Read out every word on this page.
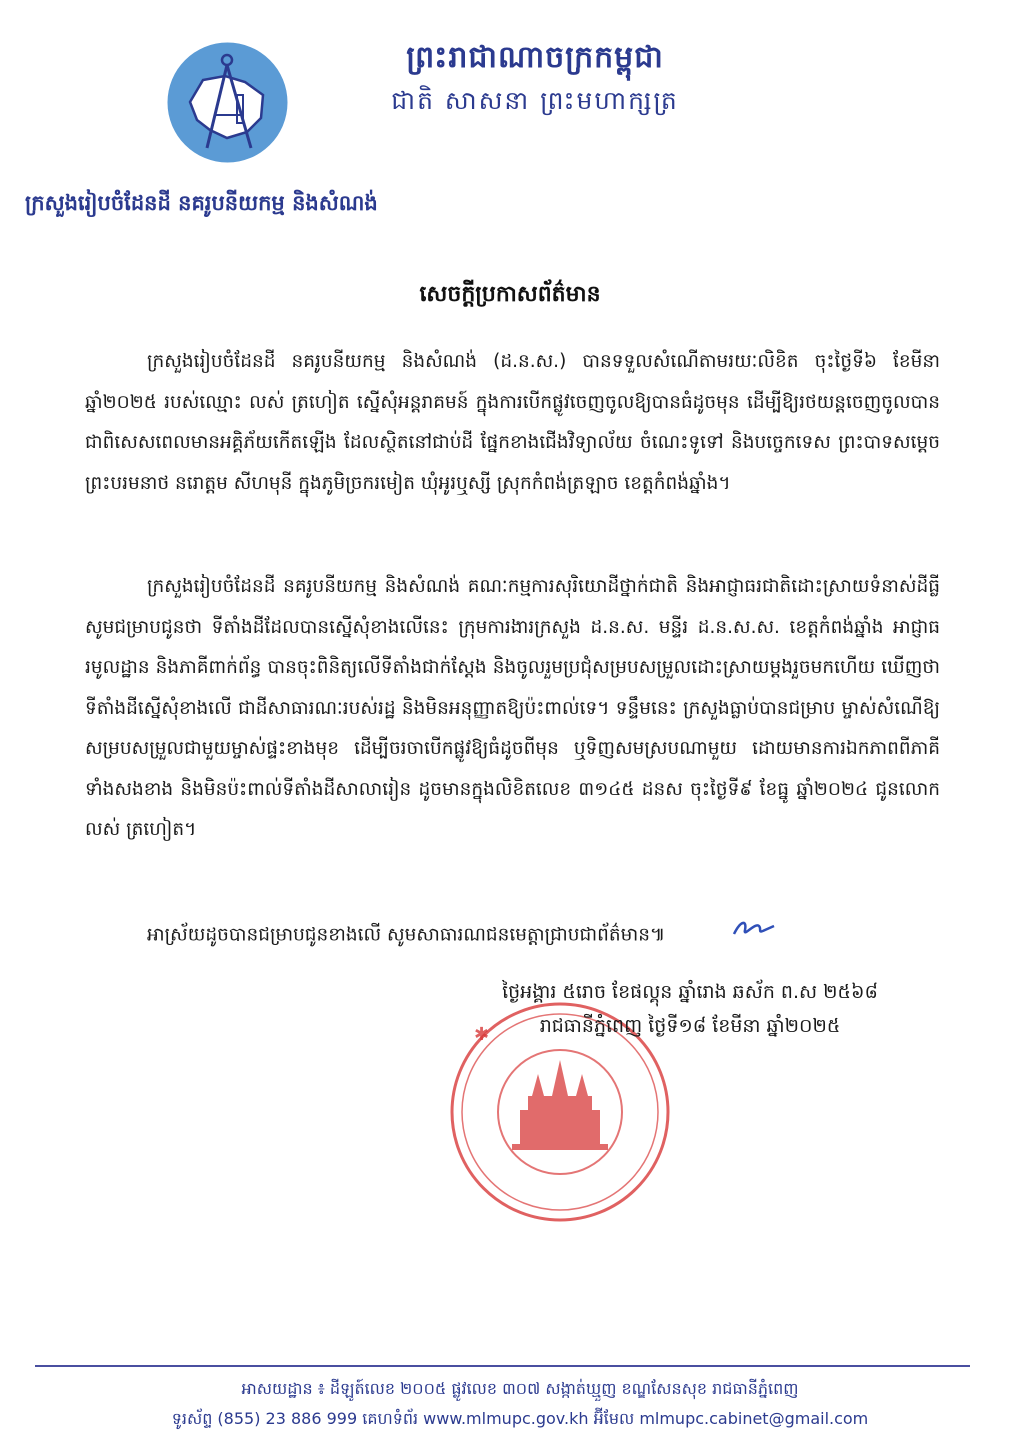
ព្រះរាជាណាចក្រកម្ពុជា
ជាតិ សាសនា ព្រះមហាក្សត្រ
ក្រសួងរៀបចំដែនដី នគរូបនីយកម្ម និងសំណង់
សេចក្តីប្រកាសព័ត៌មាន
ក្រសួងរៀបចំដែនដី នគរូបនីយកម្ម និងសំណង់ (ដ.ន.ស.) បានទទួលសំណើតាមរយៈលិខិត ចុះថ្ងៃទី៦ ខែមីនា ឆ្នាំ២០២៥ របស់ឈ្មោះ លស់ ត្រហៀត ស្នើសុំអន្តរាគមន៍ ក្នុងការបើកផ្លូវចេញចូលឱ្យបានធំដូចមុន ដើម្បីឱ្យរថយន្តចេញចូលបាន ជាពិសេសពេលមានអគ្គិភ័យកើតឡើង ដែលស្ថិតនៅជាប់ដី ផ្នែកខាងជើងវិទ្យាល័យ ចំណេះទូទៅ និងបច្ចេកទេស ព្រះបាទសម្តេចព្រះបរមនាថ នរោត្តម សីហមុនី ក្នុងភូមិច្រករមៀត ឃុំអូរឬស្សី ស្រុកកំពង់ត្រឡាច ខេត្តកំពង់ឆ្នាំង។
ក្រសួងរៀបចំដែនដី នគរូបនីយកម្ម និងសំណង់ គណៈកម្មការសុរិយោដីថ្នាក់ជាតិ និងអាជ្ញាធរជាតិដោះស្រាយទំនាស់ដីធ្លី សូមជម្រាបជូនថា ទីតាំងដីដែលបានស្នើសុំខាងលើនេះ ក្រុមការងារក្រសួង ដ.ន.ស. មន្ទីរ ដ.ន.ស.ស. ខេត្តកំពង់ឆ្នាំង អាជ្ញាធរមូលដ្ឋាន និងភាគីពាក់ព័ន្ធ បានចុះពិនិត្យលើទីតាំងជាក់ស្តែង និងចូលរួមប្រជុំសម្របសម្រួលដោះស្រាយម្តងរួចមកហើយ ឃើញថា ទីតាំងដីស្នើសុំខាងលើ ជាដីសាធារណៈរបស់រដ្ឋ និងមិនអនុញ្ញាតឱ្យប៉ះពាល់ទេ។ ទន្ទឹមនេះ ក្រសួងធ្លាប់បានជម្រាប ម្ចាស់សំណើឱ្យសម្របសម្រួលជាមួយម្ចាស់ផ្ទះខាងមុខ ដើម្បីចរចាបើកផ្លូវឱ្យធំដូចពីមុន ឬទិញសមស្របណាមួយ ដោយមានការឯកភាពពីភាគីទាំងសងខាង និងមិនប៉ះពាល់ទីតាំងដីសាលារៀន ដូចមានក្នុងលិខិតលេខ ៣១៤៥ ដនស ចុះថ្ងៃទី៩ ខែធ្នូ ឆ្នាំ២០២៤ ជូនលោក លស់ ត្រហៀត។
អាស្រ័យដូចបានជម្រាបជូនខាងលើ សូមសាធារណជនមេត្តាជ្រាបជាព័ត៌មាន៕
✱
ថ្ងៃអង្គារ ៥រោច ខែផល្គុន ឆ្នាំរោង ឆស័ក ព.ស ២៥៦៨
រាជធានីភ្នំពេញ ថ្ងៃទី១៨ ខែមីនា ឆ្នាំ២០២៥
អាសយដ្ឋាន ៖ ដីឡូត៍លេខ ២០០៥ ផ្លូវលេខ ៣០៧ សង្កាត់ឃ្មួញ ខណ្ឌសែនសុខ រាជធានីភ្នំពេញ
ទូរស័ព្ទ (855) 23 886 999 គេហទំព័រ www.mlmupc.gov.kh អ៊ីមែល mlmupc.cabinet@gmail.com
